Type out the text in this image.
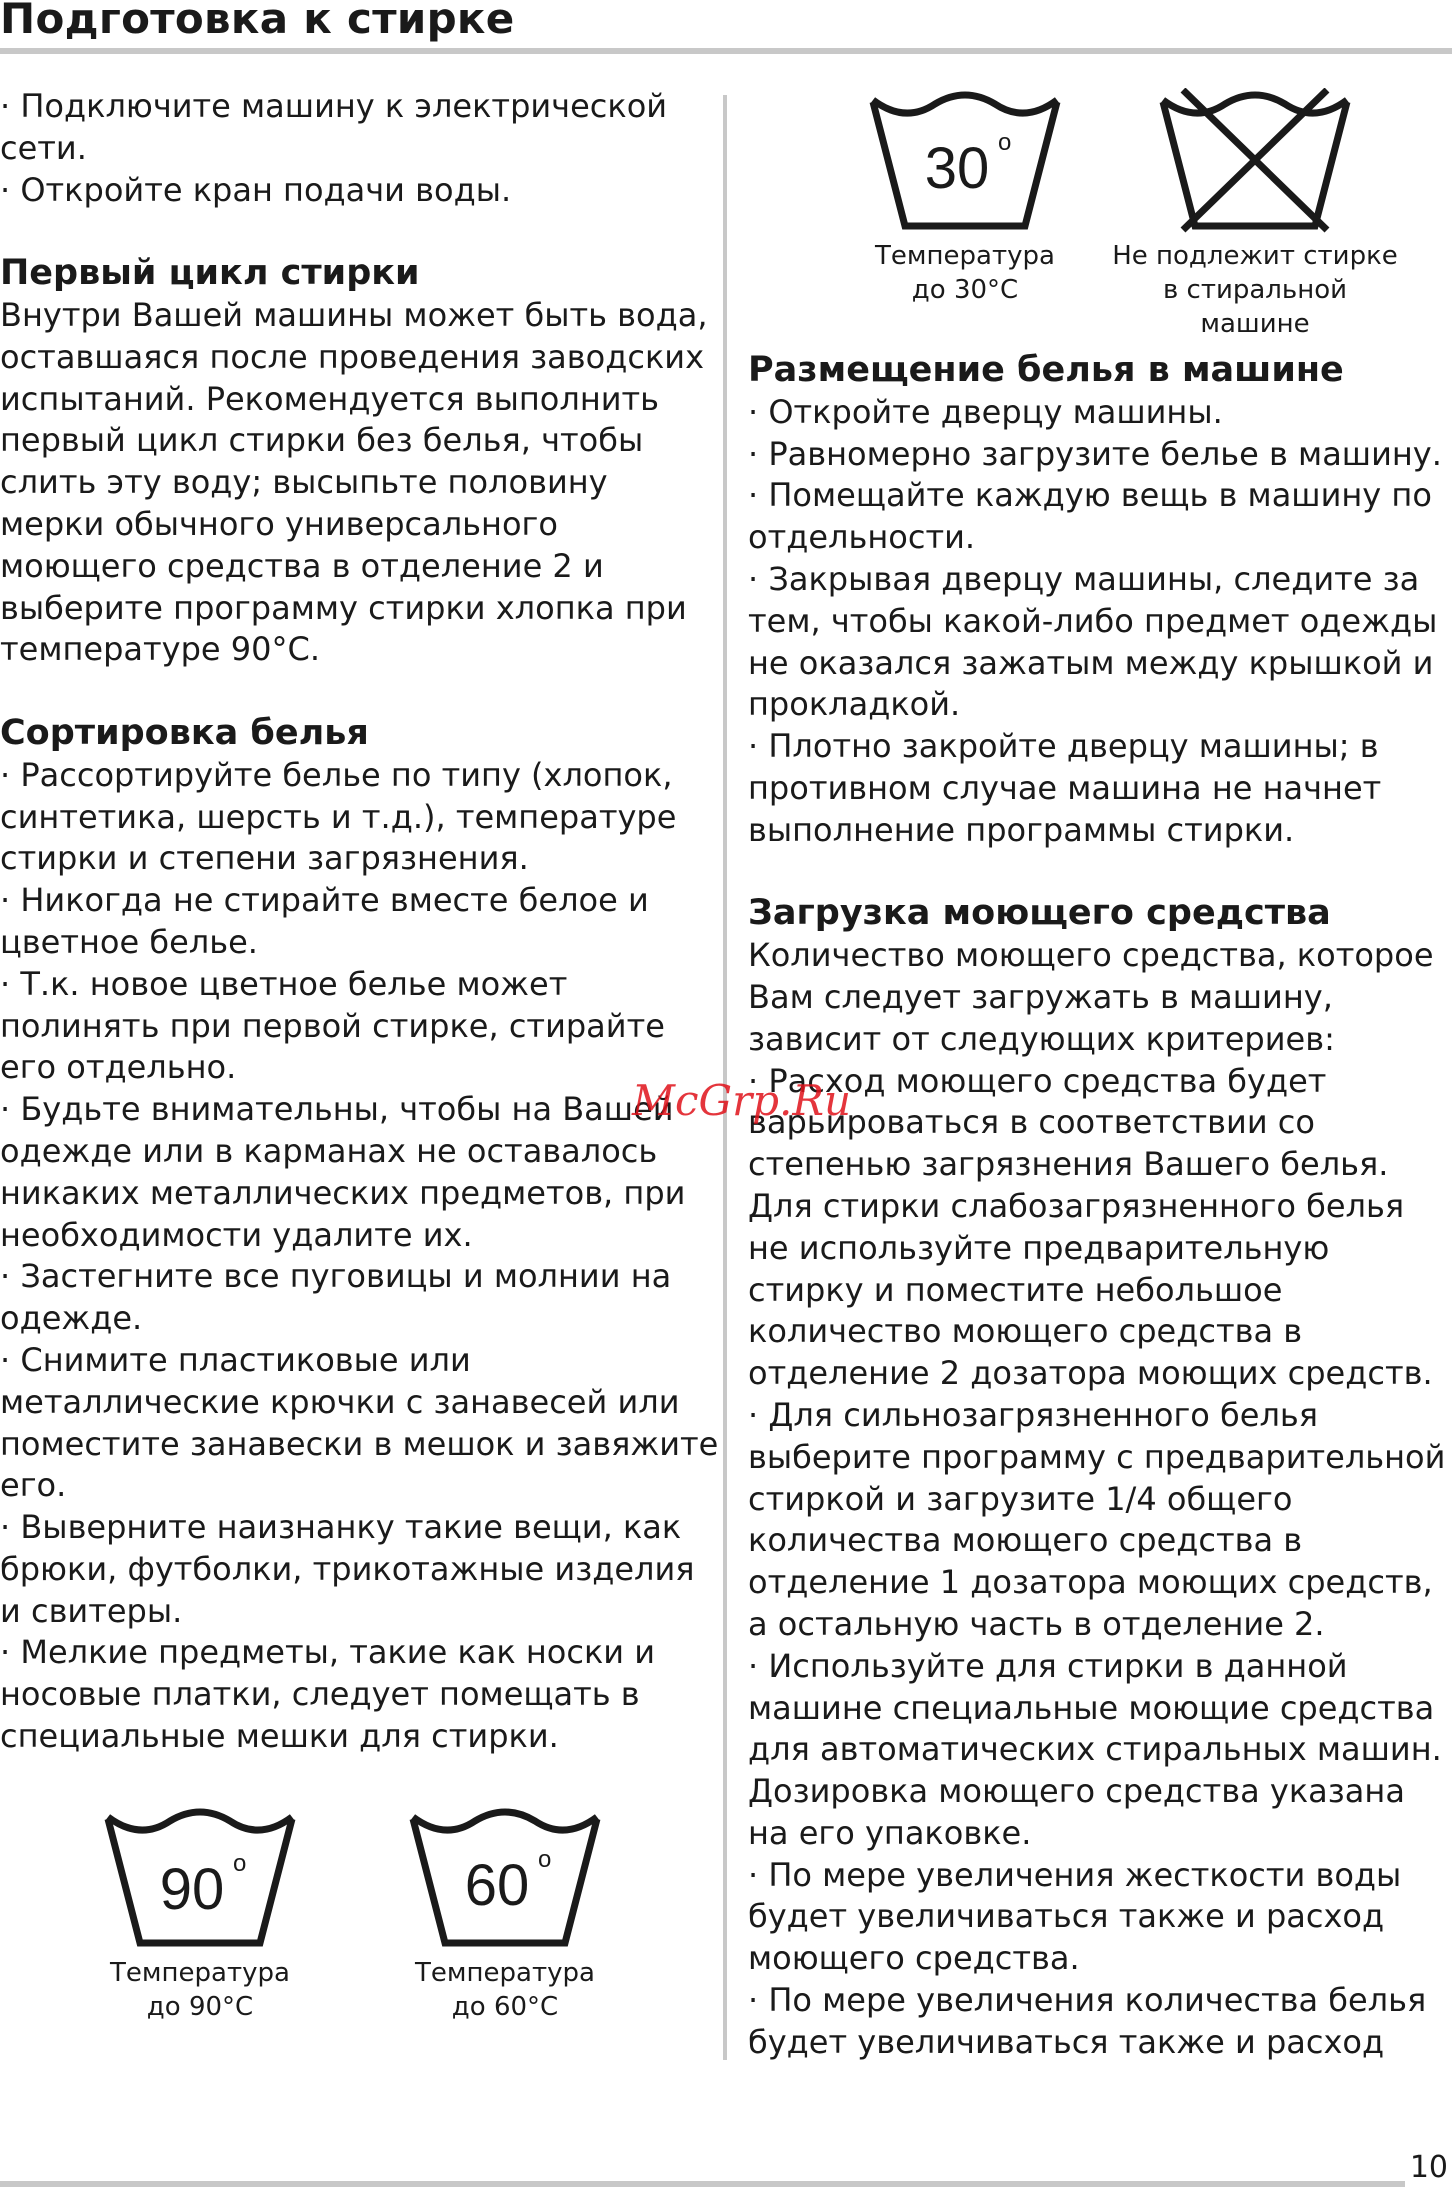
Подготовка к стирке

· Подключите машину к электрической сети.

· Откройте кран подачи воды.

Первый цикл стирки

Внутри Вашей машины может быть вода, оставшаяся после проведения заводских испытаний. Рекомендуется выполнить первый цикл стирки без белья, чтобы слить эту воду; высыпьте половину мерки обычного универсального моющего средства в отделение 2 и выберите программу стирки хлопка при температуре 90°С.

Сортировка белья

· Рассортируйте белье по типу (хлопок, синтетика, шерсть и т.д.), температуре стирки и степени загрязнения.

· Никогда не стирайте вместе белое и цветное белье.

· Т.к. новое цветное белье может полинять при первой стирке, стирайте его отдельно.

· Будьте внимательны, чтобы на Вашей одежде или в карманах не оставалось никаких металлических предметов, при необходимости удалите их.

· Застегните все пуговицы и молнии на одежде.

· Снимите пластиковые или металлические крючки с занавесей или поместите занавески в мешок и завяжите его.

· Выверните наизнанку такие вещи, как брюки, футболки, трикотажные изделия и свитеры.

· Мелкие предметы, такие как носки и носовые платки, следует помещать в специальные мешки для стирки.

30 o
Температура
до 30°С
Не подлежит стирке
в стиральной машине
Размещение белья в машине

· Откройте дверцу машины.

· Равномерно загрузите белье в машину.

· Помещайте каждую вещь в машину по отдельности.

· Закрывая дверцу машины, следите за тем, чтобы какой-либо предмет одежды не оказался зажатым между крышкой и прокладкой.

· Плотно закройте дверцу машины; в противном случае машина не начнет выполнение программы стирки.

Загрузка моющего средства

Количество моющего средства, которое Вам следует загружать в машину, зависит от следующих критериев:

· Расход моющего средства будет варьироваться в соответствии со степенью загрязнения Вашего белья. Для стирки слабозагрязненного белья не используйте предварительную стирку и поместите небольшое количество моющего средства в отделение 2 дозатора моющих средств.

· Для сильнозагрязненного белья выберите программу с предварительной стиркой и загрузите 1/4 общего количества моющего средства в отделение 1 дозатора моющих средств, а остальную часть в отделение 2.

· Используйте для стирки в данной машине специальные моющие средства для автоматических стиральных машин. Дозировка моющего средства указана на его упаковке.

· По мере увеличения жесткости воды будет увеличиваться также и расход моющего средства.

· По мере увеличения количества белья будет увеличиваться также и расход

90 o
Температура
до 90°С
60 o
Температура
до 60°С
McGrp.Ru
10
